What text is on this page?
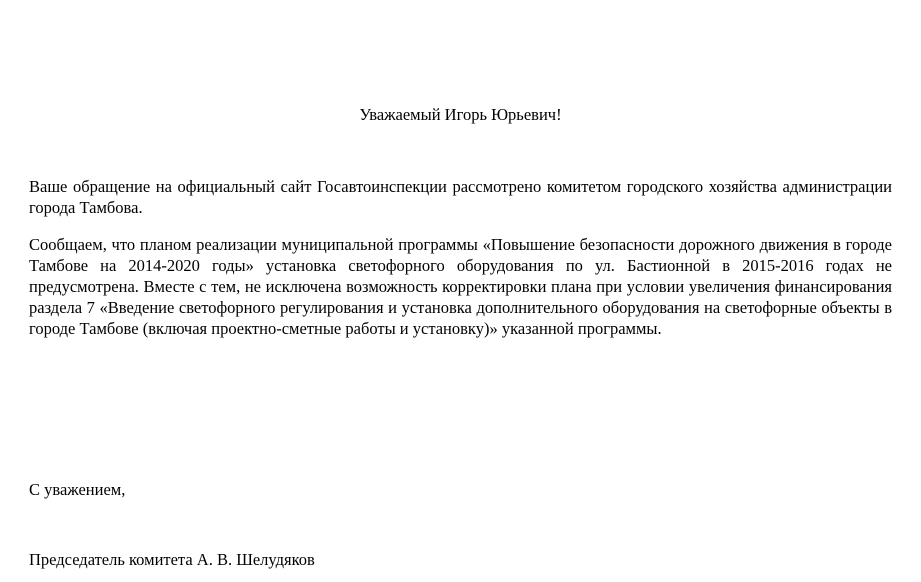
Уважаемый Игорь Юрьевич!

Ваше обращение на официальный сайт Госавтоинспекции рассмотрено комитетом городского хозяйства администрации города Тамбова.

Сообщаем, что планом реализации муниципальной программы «Повышение безопасности дорожного движения в городе Тамбове на 2014-2020 годы» установка светофорного оборудования по ул. Бастионной в 2015-2016 годах не предусмотрена. Вместе с тем, не исключена возможность корректировки плана при условии увеличения финансирования раздела 7 «Введение светофорного регулирования и установка дополнительного оборудования на светофорные объекты в городе Тамбове (включая проектно-сметные работы и установку)» указанной программы.

С уважением,

Председатель комитета А. В. Шелудяков
